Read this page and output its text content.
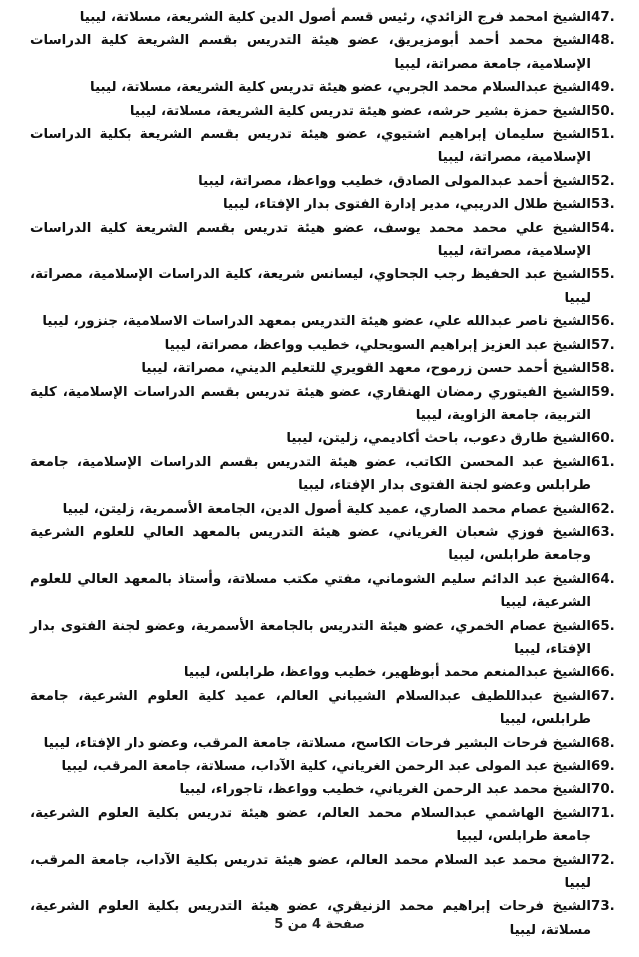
47.
الشيخ امحمد فرج الزائدي، رئيس قسم أصول الدين كلية الشريعة، مسلاتة، ليبيا
48.
الشيخ محمد أحمد أبومزيريق، عضو هيئة التدريس بقسم الشريعة كلية الدراسات الإسلامية، جامعة مصراتة، ليبيا
49.
الشيخ عبدالسلام محمد الجربي، عضو هيئة تدريس كلية الشريعة، مسلاتة، ليبيا
50.
الشيخ حمزة بشير حرشه، عضو هيئة تدريس كلية الشريعة، مسلاتة، ليبيا
51.
الشيخ سليمان إبراهيم اشتيوي، عضو هيئة تدريس بقسم الشريعة بكلية الدراسات الإسلامية، مصراتة، ليبيا
52.
الشيخ أحمد عبدالمولى الصادق، خطيب وواعظ، مصراتة، ليبيا
53.
الشيخ طلال الدريبي، مدير إدارة الفتوى بدار الإفتاء، ليبيا
54.
الشيخ علي محمد محمد يوسف، عضو هيئة تدريس بقسم الشريعة كلية الدراسات الإسلامية، مصراتة، ليبيا
55.
الشيخ عبد الحفيظ رجب الجحاوي، ليسانس شريعة، كلية الدراسات الإسلامية، مصراتة، ليبيا
56.
الشيخ ناصر عبدالله علي، عضو هيئة التدريس بمعهد الدراسات الاسلامية، جنزور، ليبيا
57.
الشيخ عبد العزيز إبراهيم السويحلي، خطيب وواعظ، مصراتة، ليبيا
58.
الشيخ أحمد حسن زرموح، معهد القويري للتعليم الديني، مصراتة، ليبيا
59.
الشيخ الفيتوري رمضان الهنقاري، عضو هيئة تدريس بقسم الدراسات الإسلامية، كلية التربية، جامعة الزاوية، ليبيا
60.
الشيخ طارق دعوب، باحث أكاديمي، زليتن، ليبيا
61.
الشيخ عبد المحسن الكاتب، عضو هيئة التدريس بقسم الدراسات الإسلامية، جامعة طرابلس وعضو لجنة الفتوى بدار الإفتاء، ليبيا
62.
الشيخ عصام محمد الصاري، عميد كلية أصول الدين، الجامعة الأسمرية، زليتن، ليبيا
63.
الشيخ فوزي شعبان الغرياني، عضو هيئة التدريس بالمعهد العالي للعلوم الشرعية وجامعة طرابلس، ليبيا
64.
الشيخ عبد الدائم سليم الشوماني، مفتي مكتب مسلاتة، وأستاذ بالمعهد العالي للعلوم الشرعية، ليبيا
65.
الشيخ عصام الخمري، عضو هيئة التدريس بالجامعة الأسمرية، وعضو لجنة الفتوى بدار الإفتاء، ليبيا
66.
الشيخ عبدالمنعم محمد أبوظهير، خطيب وواعظ، طرابلس، ليبيا
67.
الشيخ عبداللطيف عبدالسلام الشيباني العالم، عميد كلية العلوم الشرعية، جامعة طرابلس، ليبيا
68.
الشيخ فرحات البشير فرحات الكاسح، مسلاتة، جامعة المرقب، وعضو دار الإفتاء، ليبيا
69.
الشيخ عبد المولى عبد الرحمن الغرياني، كلية الآداب، مسلاتة، جامعة المرقب، ليبيا
70.
الشيخ محمد عبد الرحمن الغرياني، خطيب وواعظ، تاجوراء، ليبيا
71.
الشيخ الهاشمي عبدالسلام محمد العالم، عضو هيئة تدريس بكلية العلوم الشرعية، جامعة طرابلس، ليبيا
72.
الشيخ محمد عبد السلام محمد العالم، عضو هيئة تدريس بكلية الآداب، جامعة المرقب، ليبيا
73.
الشيخ فرحات إبراهيم محمد الزنيقري، عضو هيئة التدريس بكلية العلوم الشرعية، مسلاتة، ليبيا
صفحة 4 من 5
